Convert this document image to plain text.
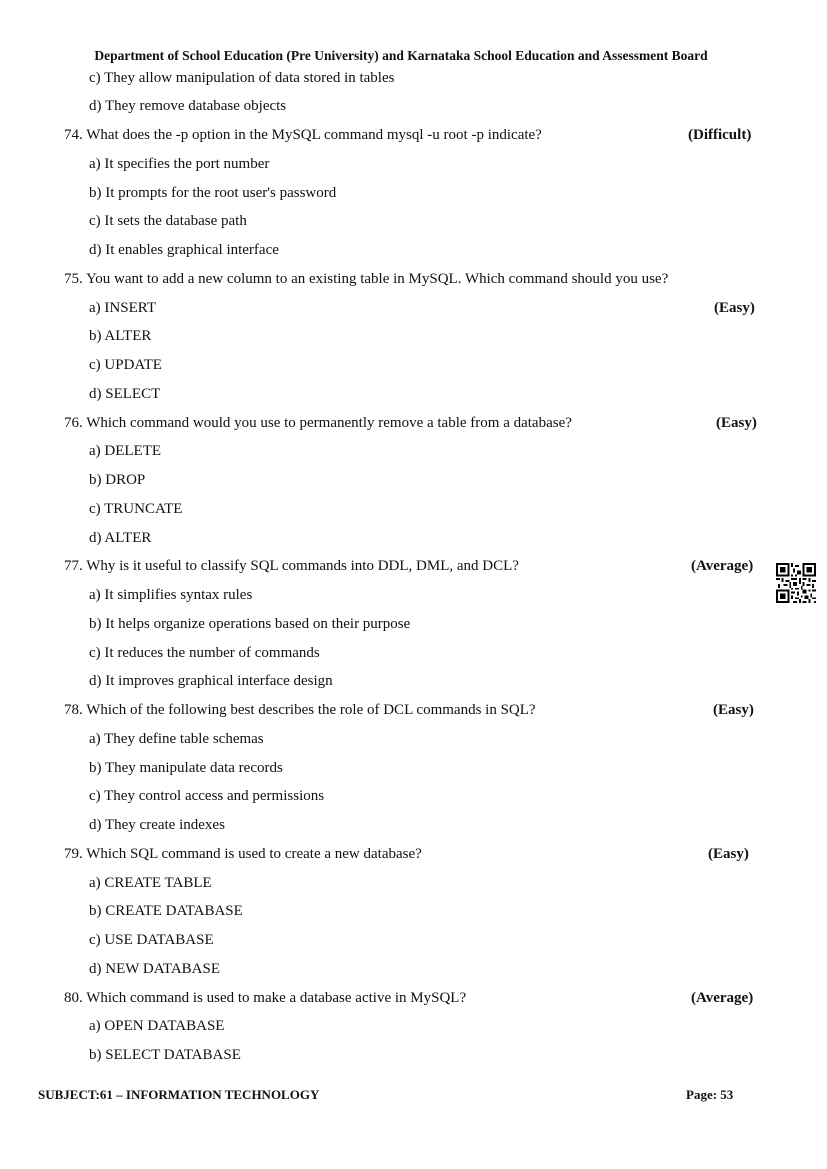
Department of School Education (Pre University) and Karnataka School Education and Assessment Board
c) They allow manipulation of data stored in tables
d) They remove database objects
74. What does the -p option in the MySQL command mysql -u root -p indicate?	(Difficult)
a) It specifies the port number
b) It prompts for the root user's password
c) It sets the database path
d) It enables graphical interface
75. You want to add a new column to an existing table in MySQL. Which command should you use?
a) INSERT	(Easy)
b) ALTER
c) UPDATE
d) SELECT
76. Which command would you use to permanently remove a table from a database?	(Easy)
a) DELETE
b) DROP
c) TRUNCATE
d) ALTER
77. Why is it useful to classify SQL commands into DDL, DML, and DCL?	(Average)
a) It simplifies syntax rules
b) It helps organize operations based on their purpose
c) It reduces the number of commands
d) It improves graphical interface design
78. Which of the following best describes the role of DCL commands in SQL?	(Easy)
a) They define table schemas
b) They manipulate data records
c) They control access and permissions
d) They create indexes
79. Which SQL command is used to create a new database?	(Easy)
a) CREATE TABLE
b) CREATE DATABASE
c) USE DATABASE
d) NEW DATABASE
80. Which command is used to make a database active in MySQL?	(Average)
a) OPEN DATABASE
b) SELECT DATABASE
SUBJECT:61 – INFORMATION TECHNOLOGY	Page: 53
